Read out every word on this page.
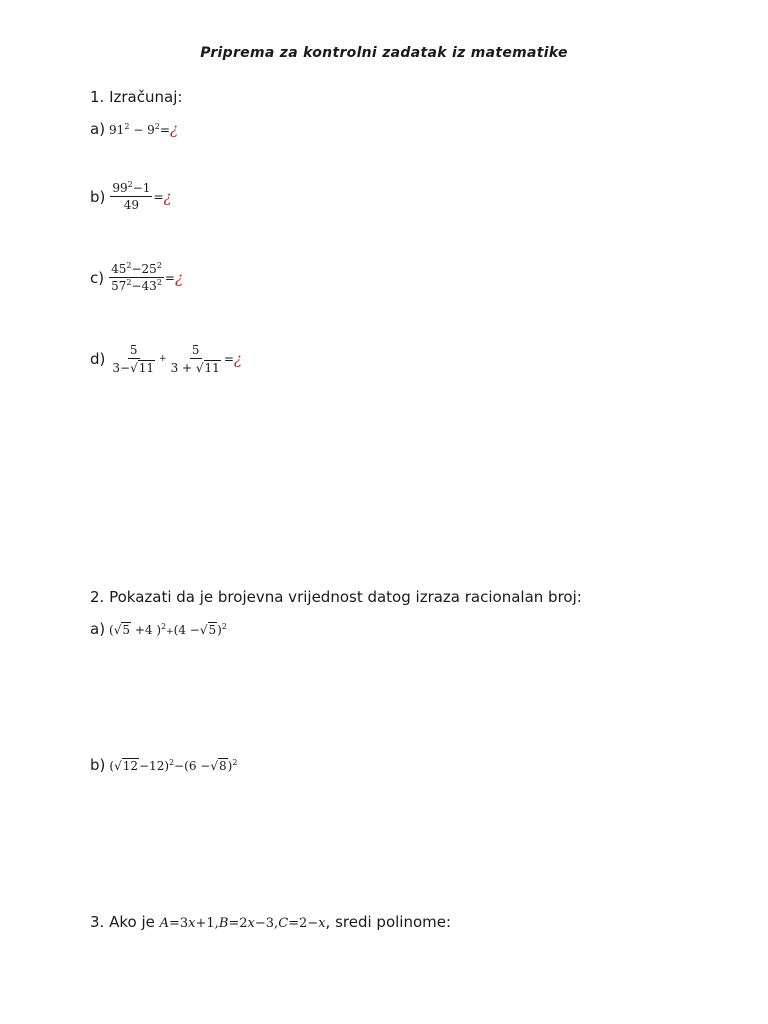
Priprema za kontrolni zadatak iz matematike
1. Izračunaj:
a) $91^2$ − $9^2=¿$
$b) \frac{99^2-1}{49}$ = ¿
$c) \frac{45^2-25^2}{57^2-43^2}$ = ¿
$d) \frac{5}{3-√11} + \frac{5}{3 + √11}$ = ¿
2. Pokazati da je brojevna vrijednost datog izraza racionalan broj:
a) (√5 +4 )$^2+(4 -√5)^2$
b) $(√12-12)^2-(6 -√8)^2$
3. Ako je A=3x+1,B=2x−3,C=2−x, sredi polinome:
